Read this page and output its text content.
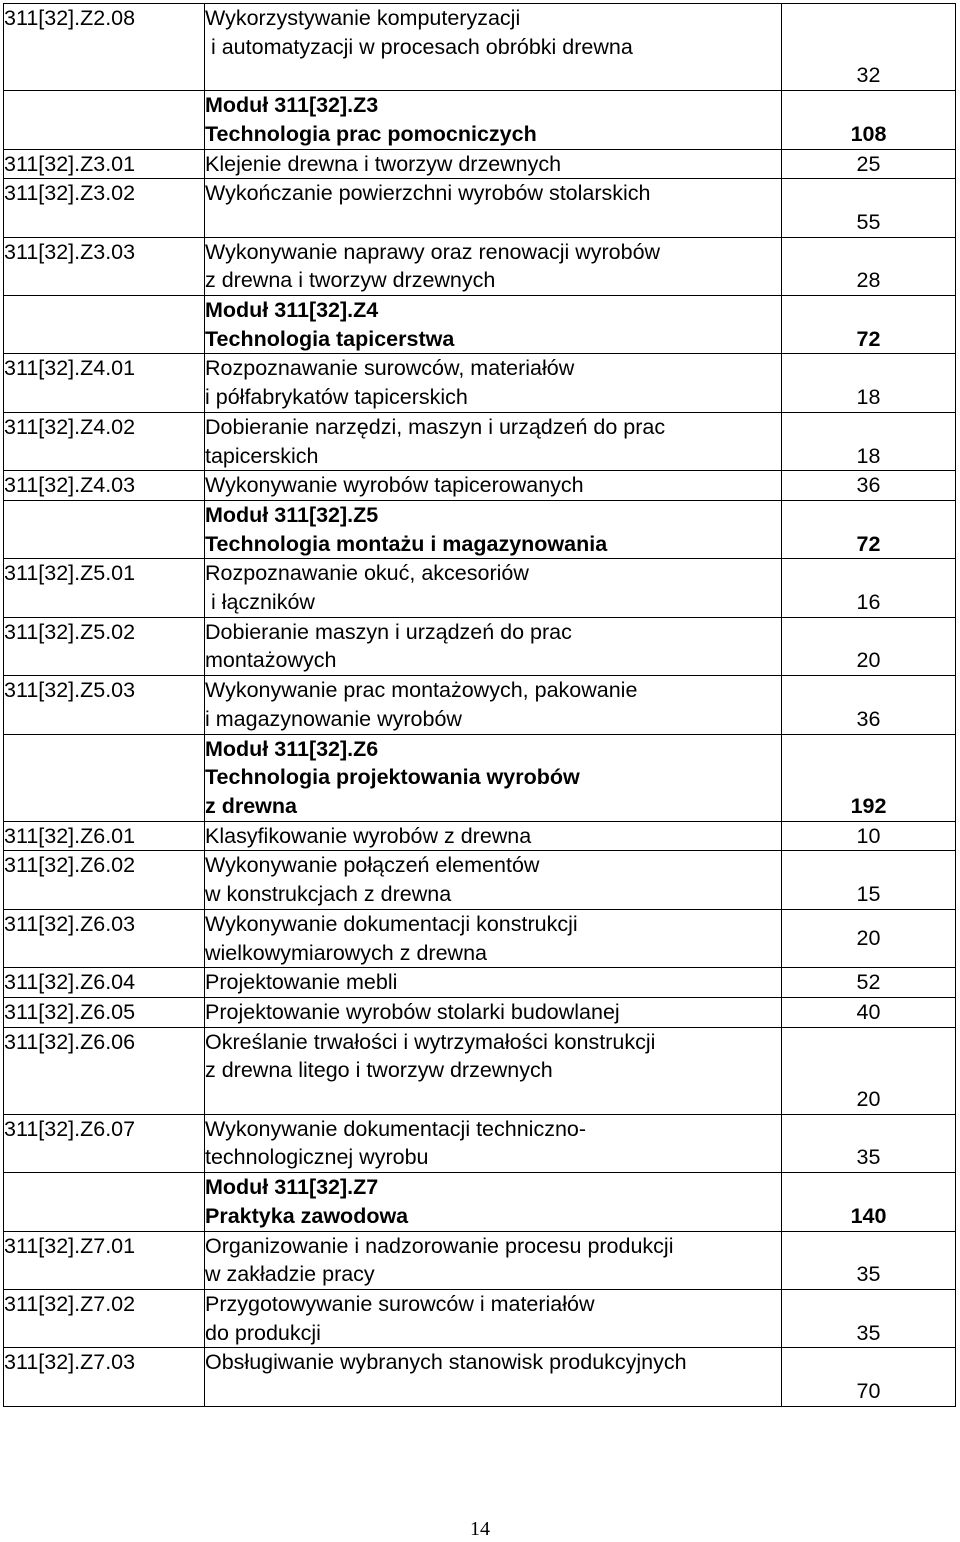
311[32].Z2.08	Wykorzystywanie komputeryzacji
i automatyzacji w procesach obróbki drewna	32

	Moduł 311[32].Z3
Technologia prac pomocniczych	108
311[32].Z3.01	Klejenie drewna i tworzyw drzewnych	25
311[32].Z3.02	Wykończanie powierzchni wyrobów stolarskich	55
311[32].Z3.03	Wykonywanie naprawy oraz renowacji wyrobów
z drewna i tworzyw drzewnych	28

	Moduł 311[32].Z4
Technologia tapicerstwa	72
311[32].Z4.01	Rozpoznawanie surowców, materiałów
i półfabrykatów tapicerskich	18
311[32].Z4.02	Dobieranie narzędzi, maszyn i urządzeń do prac
tapicerskich	18
311[32].Z4.03	Wykonywanie wyrobów tapicerowanych	36

	Moduł 311[32].Z5
Technologia montażu i magazynowania	72
311[32].Z5.01	Rozpoznawanie okuć, akcesoriów
i łączników	16
311[32].Z5.02	Dobieranie maszyn i urządzeń do prac
montażowych	20
311[32].Z5.03	Wykonywanie prac montażowych, pakowanie
i magazynowanie wyrobów	36

	Moduł 311[32].Z6
Technologia projektowania wyrobów
z drewna	192
311[32].Z6.01	Klasyfikowanie wyrobów z drewna	10
311[32].Z6.02	Wykonywanie połączeń elementów
w konstrukcjach z drewna	15
311[32].Z6.03	Wykonywanie dokumentacji konstrukcji
wielkowymiarowych z drewna	20
311[32].Z6.04	Projektowanie mebli	52
311[32].Z6.05	Projektowanie wyrobów stolarki budowlanej	40
311[32].Z6.06	Określanie trwałości i wytrzymałości konstrukcji
z drewna litego i tworzyw drzewnych	20
311[32].Z6.07	Wykonywanie dokumentacji techniczno-
technologicznej wyrobu	35

	Moduł 311[32].Z7
Praktyka zawodowa	140
311[32].Z7.01	Organizowanie i nadzorowanie procesu produkcji
w zakładzie pracy	35
311[32].Z7.02	Przygotowywanie surowców i materiałów
do produkcji	35
311[32].Z7.03	Obsługiwanie wybranych stanowisk produkcyjnych	70
14
